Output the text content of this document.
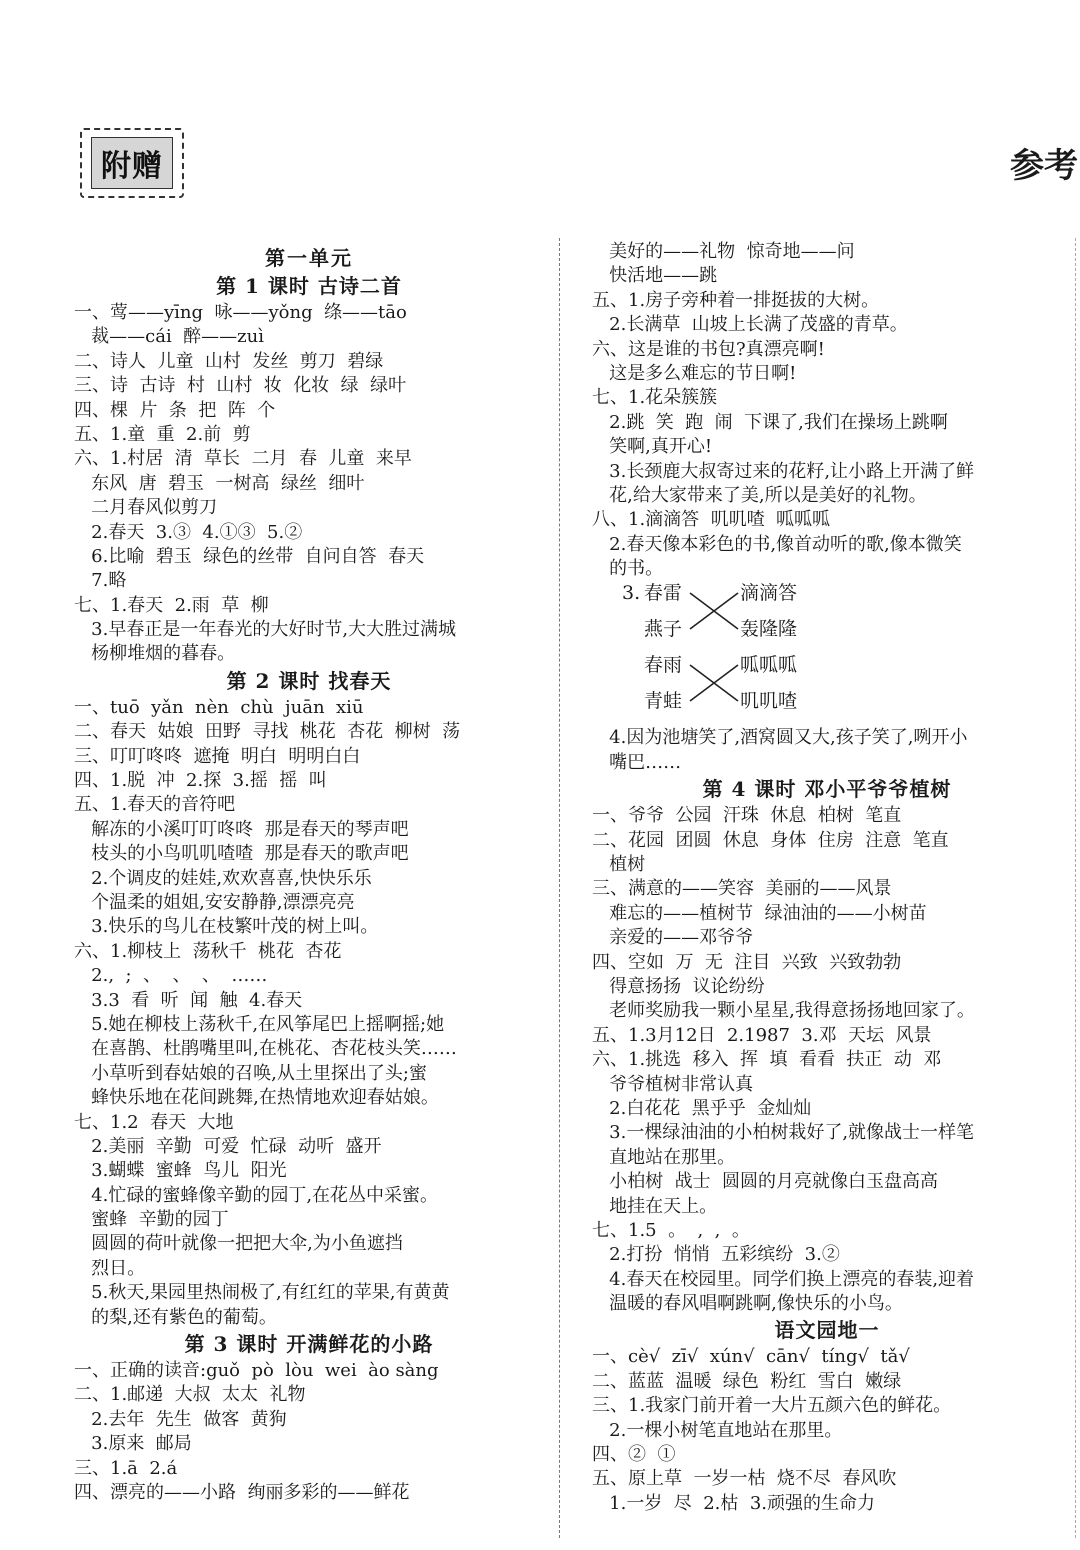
附赠	参考
第一单元
第 1 课时 古诗二首
一、莺——yīng  咏——yǒng  绦——tāo
裁——cái  醉——zuì
二、诗人  儿童  山村  发丝  剪刀  碧绿
三、诗  古诗  村  山村  妆  化妆  绿  绿叶
四、棵  片  条  把  阵  个
五、1.童  重  2.前  剪
六、1.村居  清  草长  二月  春  儿童  来早
东风  唐  碧玉  一树高  绿丝  细叶
二月春风似剪刀
2.春天  3.③  4.①③  5.②
6.比喻  碧玉  绿色的丝带  自问自答  春天
7.略
七、1.春天  2.雨  草  柳
3.早春正是一年春光的大好时节,大大胜过满城
杨柳堆烟的暮春。
第 2 课时 找春天
一、tuō  yǎn  nèn  chù  juān  xiū
二、春天  姑娘  田野  寻找  桃花  杏花  柳树  荡
三、叮叮咚咚  遮掩  明白  明明白白
四、1.脱  冲  2.探  3.摇  摇  叫
五、1.春天的音符吧
解冻的小溪叮叮咚咚  那是春天的琴声吧
枝头的小鸟叽叽喳喳  那是春天的歌声吧
2.个调皮的娃娃,欢欢喜喜,快快乐乐
个温柔的姐姐,安安静静,漂漂亮亮
3.快乐的鸟儿在枝繁叶茂的树上叫。
六、1.柳枝上  荡秋千  桃花  杏花
2.,  ;  、  、  、  ……
3.3  看  听  闻  触  4.春天
5.她在柳枝上荡秋千,在风筝尾巴上摇啊摇;她
在喜鹊、杜鹃嘴里叫,在桃花、杏花枝头笑……
小草听到春姑娘的召唤,从土里探出了头;蜜
蜂快乐地在花间跳舞,在热情地欢迎春姑娘。
七、1.2  春天  大地
2.美丽  辛勤  可爱  忙碌  动听  盛开
3.蝴蝶  蜜蜂  鸟儿  阳光
4.忙碌的蜜蜂像辛勤的园丁,在花丛中采蜜。
蜜蜂  辛勤的园丁
圆圆的荷叶就像一把把大伞,为小鱼遮挡
烈日。
5.秋天,果园里热闹极了,有红红的苹果,有黄黄
的梨,还有紫色的葡萄。
第 3 课时 开满鲜花的小路
一、正确的读音:guǒ  pò  lòu  wei  ào sàng
二、1.邮递  大叔  太太  礼物
2.去年  先生  做客  黄狗
3.原来  邮局
三、1.ā  2.á
四、漂亮的——小路  绚丽多彩的——鲜花
美好的——礼物  惊奇地——问
快活地——跳
五、1.房子旁种着一排挺拔的大树。
2.长满草  山坡上长满了茂盛的青草。
六、这是谁的书包?真漂亮啊!
这是多么难忘的节日啊!
七、1.花朵簇簇
2.跳  笑  跑  闹  下课了,我们在操场上跳啊
笑啊,真开心!
3.长颈鹿大叔寄过来的花籽,让小路上开满了鲜
花,给大家带来了美,所以是美好的礼物。
八、1.滴滴答  叽叽喳  呱呱呱
2.春天像本彩色的书,像首动听的歌,像本微笑
的书。
3. 春雷
燕子
春雨
青蛙
滴滴答
轰隆隆
呱呱呱
叽叽喳
4.因为池塘笑了,酒窝圆又大,孩子笑了,咧开小
嘴巴……
第 4 课时 邓小平爷爷植树
一、爷爷  公园  汗珠  休息  柏树  笔直
二、花园  团圆  休息  身体  住房  注意  笔直
植树
三、满意的——笑容  美丽的——风景
难忘的——植树节  绿油油的——小树苗
亲爱的——邓爷爷
四、空如  万  无  注目  兴致  兴致勃勃
得意扬扬  议论纷纷
老师奖励我一颗小星星,我得意扬扬地回家了。
五、1.3月12日  2.1987  3.邓  天坛  风景
六、1.挑选  移入  挥  填  看看  扶正  动  邓
爷爷植树非常认真
2.白花花  黑乎乎  金灿灿
3.一棵绿油油的小柏树栽好了,就像战士一样笔
直地站在那里。
小柏树  战士  圆圆的月亮就像白玉盘高高
地挂在天上。
七、1.5  。  ,  ,  。
2.打扮  悄悄  五彩缤纷  3.②
4.春天在校园里。同学们换上漂亮的春装,迎着
温暖的春风唱啊跳啊,像快乐的小鸟。
语文园地一
一、cè√  zī√  xún√  cān√  tíng√  tǎ√
二、蓝蓝  温暖  绿色  粉红  雪白  嫩绿
三、1.我家门前开着一大片五颜六色的鲜花。
2.一棵小树笔直地站在那里。
四、②  ①
五、原上草  一岁一枯  烧不尽  春风吹
1.一岁  尽  2.枯  3.顽强的生命力
